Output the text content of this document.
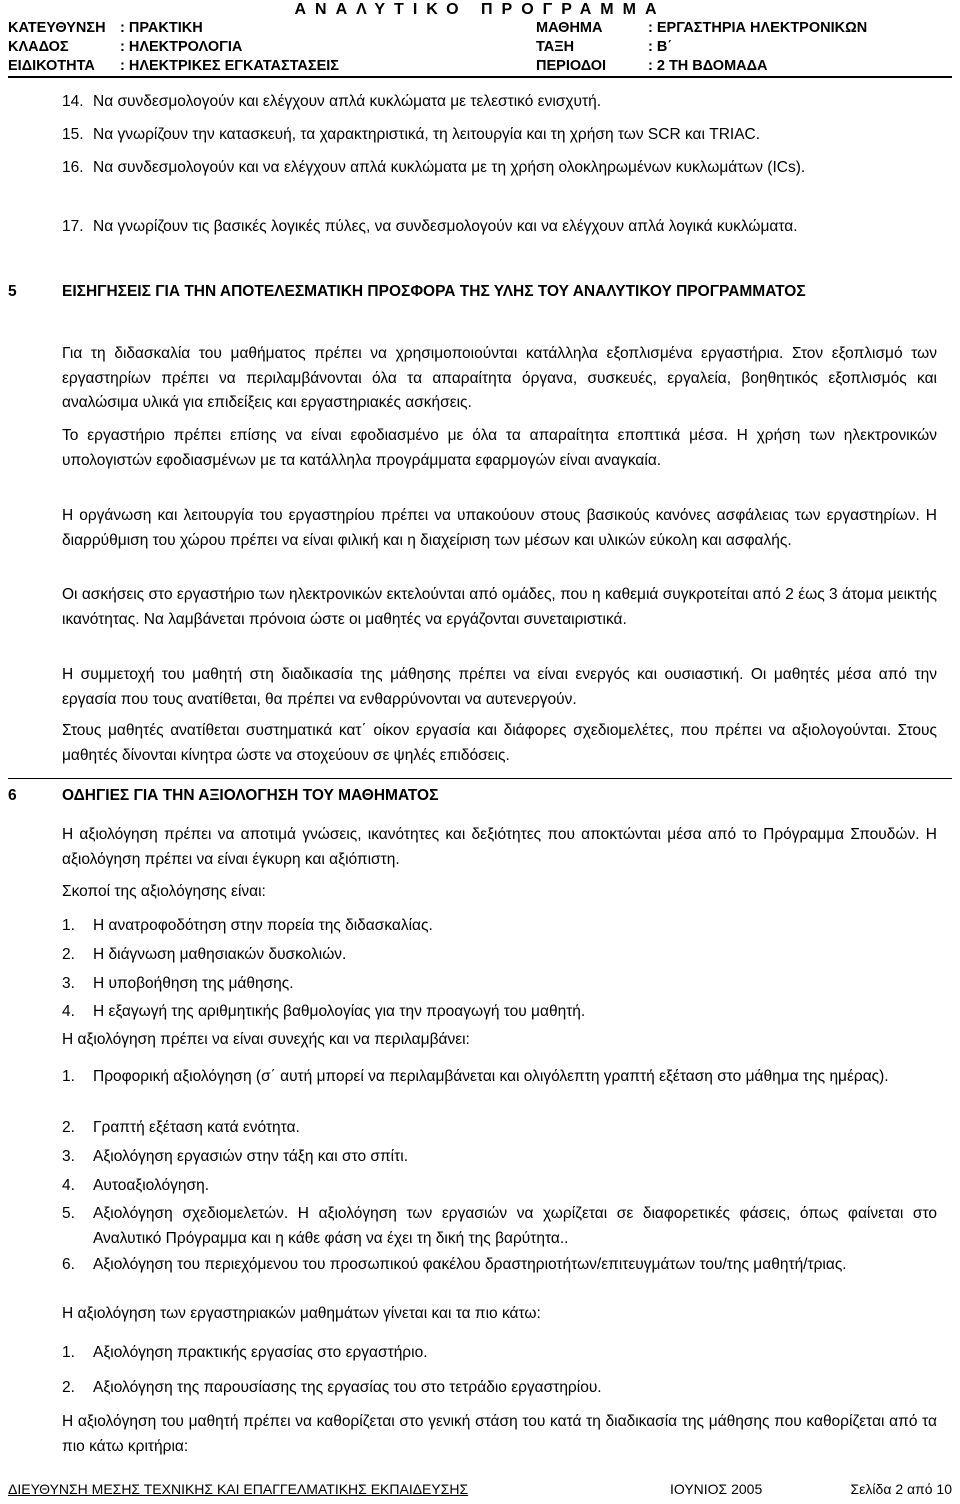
ΑΝΑΛΥΤΙΚΟ ΠΡΟΓΡΑΜΜΑ
ΚΑΤΕΥΘΥΝΣΗ : ΠΡΑΚΤΙΚΗ	ΜΑΘΗΜΑ	: ΕΡΓΑΣΤΗΡΙΑ ΗΛΕΚΤΡΟΝΙΚΩΝ
ΚΛΑΔΟΣ	: ΗΛΕΚΤΡΟΛΟΓΙΑ	ΤΑΞΗ	: Β΄
ΕΙΔΙΚΟΤΗΤΑ : ΗΛΕΚΤΡΙΚΕΣ ΕΓΚΑΤΑΣΤΑΣΕΙΣ	ΠΕΡΙΟΔΟΙ	: 2 ΤΗ ΒΔΟΜΑΔΑ
14. Να συνδεσμολογούν και ελέγχουν απλά κυκλώματα με τελεστικό ενισχυτή.
15. Να γνωρίζουν την κατασκευή, τα χαρακτηριστικά, τη λειτουργία και τη χρήση των SCR και TRIAC.
16. Να συνδεσμολογούν και να ελέγχουν απλά κυκλώματα με τη χρήση ολοκληρωμένων κυκλωμάτων (ICs).
17. Να γνωρίζουν τις βασικές λογικές πύλες, να συνδεσμολογούν και να ελέγχουν απλά λογικά κυκλώματα.
5	ΕΙΣΗΓΗΣΕΙΣ ΓΙΑ ΤΗΝ ΑΠΟΤΕΛΕΣΜΑΤΙΚΗ ΠΡΟΣΦΟΡΑ ΤΗΣ ΥΛΗΣ ΤΟΥ ΑΝΑΛΥΤΙΚΟΥ ΠΡΟΓΡΑΜΜΑΤΟΣ
Για τη διδασκαλία του μαθήματος πρέπει να χρησιμοποιούνται κατάλληλα εξοπλισμένα εργαστήρια. Στον εξοπλισμό των εργαστηρίων πρέπει να περιλαμβάνονται όλα τα απαραίτητα όργανα, συσκευές, εργαλεία, βοηθητικός εξοπλισμός και αναλώσιμα υλικά για επιδείξεις και εργαστηριακές ασκήσεις.
Το εργαστήριο πρέπει επίσης να είναι εφοδιασμένο με όλα τα απαραίτητα εποπτικά μέσα. Η χρήση των ηλεκτρονικών υπολογιστών εφοδιασμένων με τα κατάλληλα προγράμματα εφαρμογών είναι αναγκαία.
Η οργάνωση και λειτουργία του εργαστηρίου πρέπει να υπακούουν στους βασικούς κανόνες ασφάλειας των εργαστηρίων. Η διαρρύθμιση του χώρου πρέπει να είναι φιλική και η διαχείριση των μέσων και υλικών εύκολη και ασφαλής.
Οι ασκήσεις στο εργαστήριο των ηλεκτρονικών εκτελούνται από ομάδες, που η καθεμιά συγκροτείται από 2 έως 3 άτομα μεικτής ικανότητας. Να λαμβάνεται πρόνοια ώστε οι μαθητές να εργάζονται συνεταιριστικά.
Η συμμετοχή του μαθητή στη διαδικασία της μάθησης πρέπει να είναι ενεργός και ουσιαστική. Οι μαθητές μέσα από την εργασία που τους ανατίθεται, θα πρέπει να ενθαρρύνονται να αυτενεργούν.
Στους μαθητές ανατίθεται συστηματικά κατ΄ οίκον εργασία και διάφορες σχεδιομελέτες, που πρέπει να αξιολογούνται. Στους μαθητές δίνονται κίνητρα ώστε να στοχεύουν σε ψηλές επιδόσεις.
6	ΟΔΗΓΙΕΣ ΓΙΑ ΤΗΝ ΑΞΙΟΛΟΓΗΣΗ ΤΟΥ ΜΑΘΗΜΑΤΟΣ
Η αξιολόγηση πρέπει να αποτιμά γνώσεις, ικανότητες και δεξιότητες που αποκτώνται μέσα από το Πρόγραμμα Σπουδών. Η αξιολόγηση πρέπει να είναι έγκυρη και αξιόπιστη.
Σκοποί της αξιολόγησης είναι:
1. Η ανατροφοδότηση στην πορεία της διδασκαλίας.
2. Η διάγνωση μαθησιακών δυσκολιών.
3. Η υποβοήθηση της μάθησης.
4. Η εξαγωγή της αριθμητικής βαθμολογίας για την προαγωγή του μαθητή.
Η αξιολόγηση πρέπει να είναι συνεχής και να περιλαμβάνει:
1. Προφορική αξιολόγηση (σ΄ αυτή μπορεί να περιλαμβάνεται και ολιγόλεπτη γραπτή εξέταση στο μάθημα της ημέρας).
2. Γραπτή εξέταση κατά ενότητα.
3. Αξιολόγηση εργασιών στην τάξη και στο σπίτι.
4. Αυτοαξιολόγηση.
5. Αξιολόγηση σχεδιομελετών. Η αξιολόγηση των εργασιών να χωρίζεται σε διαφορετικές φάσεις, όπως φαίνεται στο Αναλυτικό Πρόγραμμα και η κάθε φάση να έχει τη δική της βαρύτητα..
6. Αξιολόγηση του περιεχόμενου του προσωπικού φακέλου δραστηριοτήτων/επιτευγμάτων του/της μαθητή/τριας.
Η αξιολόγηση των εργαστηριακών μαθημάτων γίνεται και τα πιο κάτω:
1. Αξιολόγηση πρακτικής εργασίας στο εργαστήριο.
2. Αξιολόγηση της παρουσίασης της εργασίας του στο τετράδιο εργαστηρίου.
Η αξιολόγηση του μαθητή πρέπει να καθορίζεται στο γενική στάση του κατά τη διαδικασία της μάθησης που καθορίζεται από τα πιο κάτω κριτήρια:
ΔΙΕΥΘΥΝΣΗ ΜΕΣΗΣ ΤΕΧΝΙΚΗΣ ΚΑΙ ΕΠΑΓΓΕΛΜΑΤΙΚΗΣ ΕΚΠΑΙΔΕΥΣΗΣ	ΙΟΥΝΙΟΣ 2005	Σελίδα 2 από 10
